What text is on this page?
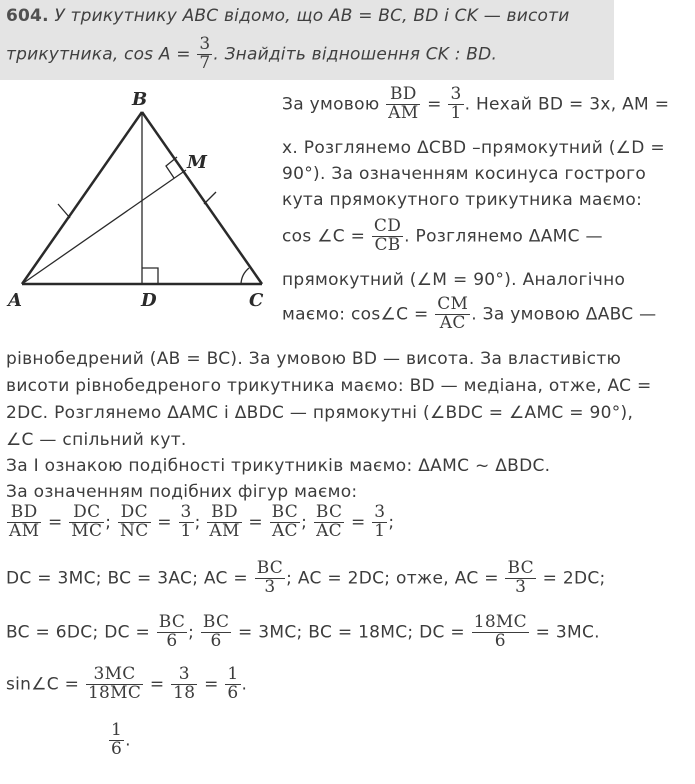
604. У трикутнику ABC відомо, що AB = BC, BD і CK — висоти
трикутника, $\cos A = \frac{3}{7}$ . Знайдіть відношення CK : BD.
B
M
A	D	C
За умовою $\frac{BD}{AM} = \frac{3}{1}$ . Нехай BD = 3x, AM =
x. Розглянемо ΔCBD –прямокутний (∠D =
90°). За означенням косинуса гострого
кута прямокутного трикутника маємо:
cos ∠C = $\frac{CD}{CB}$ . Розглянемо ΔAMC —
прямокутний (∠M = 90°). Аналогічно
маємо: cos∠C = $\frac{CM}{AC}$ . За умовою ΔABC —
рівнобедрений (AB = BC). За умовою BD — висота. За властивістю
висоти рівнобедреного трикутника маємо: BD — медіана, отже, AC =
2DC. Розглянемо ΔAMC і ΔBDC — прямокутні (∠BDC = ∠AMC = 90°),
∠C — спільний кут.
За I ознакою подібності трикутників маємо: ΔAMC ~ ΔBDC.
За означенням подібних фігур маємо:
$\frac{BD}{AM} = \frac{DC}{MC}$ ; $\frac{DC}{NC} = \frac{3}{1}$ ; $\frac{BD}{AM} = \frac{BC}{AC}$ ; $\frac{BC}{AC} = \frac{3}{1}$ ;
DC = 3MC; BC = 3AC; AC = $\frac{BC}{3}$ ; AC = 2DC; отже, AC = $\frac{BC}{3} = 2DC$;
BC = 6DC; DC = $\frac{BC}{6}$ ; $\frac{BC}{6} = 3MC$; BC = 18MC; DC = $\frac{18MC}{6} = 3MC$.
sin∠C = $\frac{3MC}{18MC} = \frac{3}{18} = \frac{1}{6}$ .
$\frac{1}{6}$ .
